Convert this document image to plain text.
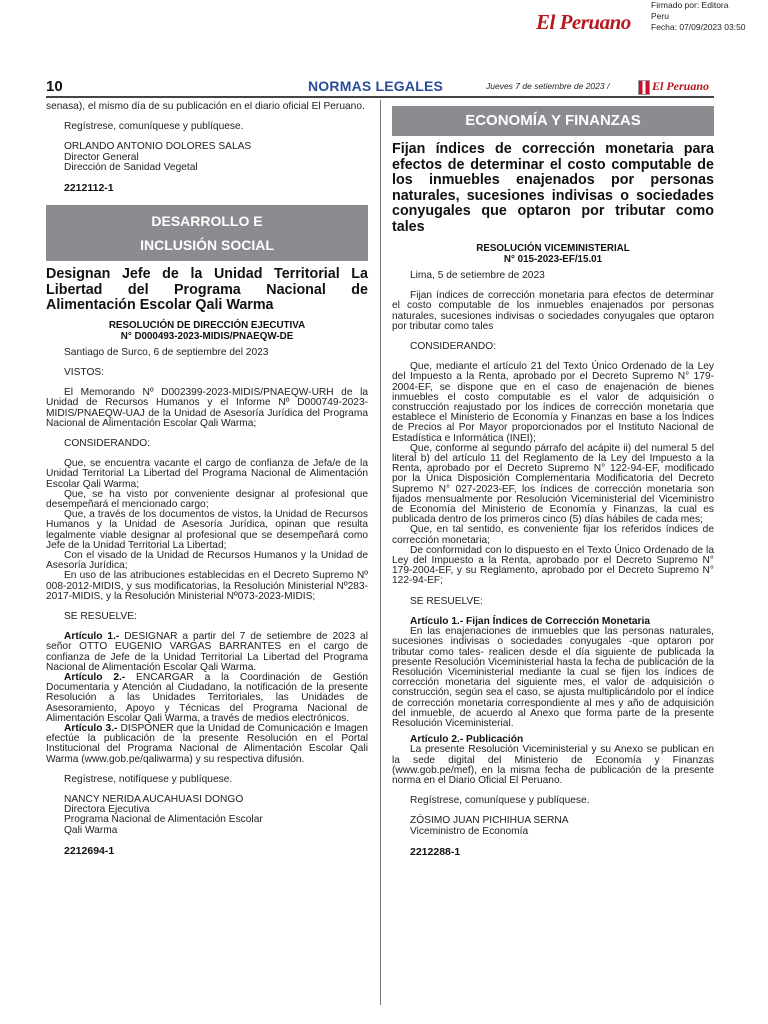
Firmado por: Editora
Peru
Fecha: 07/09/2023 03:50
El Peruano
10	NORMAS LEGALES	Jueves 7 de setiembre de 2023 /	El Peruano

senasa), el mismo día de su publicación en el diario oficial El Peruano.

Regístrese, comuníquese y publíquese.

ORLANDO ANTONIO DOLORES SALAS

Director General

Dirección de Sanidad Vegetal

2212112-1

DESARROLLO E
INCLUSIÓN SOCIAL

Designan Jefe de la Unidad Territorial La Libertad del Programa Nacional de Alimentación Escolar Qali Warma

RESOLUCIÓN DE DIRECCIÓN EJECUTIVA
N° D000493-2023-MIDIS/PNAEQW-DE

Santiago de Surco, 6 de septiembre del 2023

VISTOS:

El Memorando Nº D002399-2023-MIDIS/PNAEQW-URH de la Unidad de Recursos Humanos y el Informe Nº D000749-2023-MIDIS/PNAEQW-UAJ de la Unidad de Asesoría Jurídica del Programa Nacional de Alimentación Escolar Qali Warma;

CONSIDERANDO:

Que, se encuentra vacante el cargo de confianza de Jefa/e de la Unidad Territorial La Libertad del Programa Nacional de Alimentación Escolar Qali Warma;

Que, se ha visto por conveniente designar al profesional que desempeñará el mencionado cargo;

Que, a través de los documentos de vistos, la Unidad de Recursos Humanos y la Unidad de Asesoría Jurídica, opinan que resulta legalmente viable designar al profesional que se desempeñará como Jefe de la Unidad Territorial La Libertad;

Con el visado de la Unidad de Recursos Humanos y la Unidad de Asesoría Jurídica;

En uso de las atribuciones establecidas en el Decreto Supremo Nº 008-2012-MIDIS, y sus modificatorias, la Resolución Ministerial Nº283-2017-MIDIS, y la Resolución Ministerial Nº073-2023-MIDIS;

SE RESUELVE:

Artículo 1.- DESIGNAR a partir del 7 de setiembre de 2023 al señor OTTO EUGENIO VARGAS BARRANTES en el cargo de confianza de Jefe de la Unidad Territorial La Libertad del Programa Nacional de Alimentación Escolar Qali Warma.

Artículo 2.- ENCARGAR a la Coordinación de Gestión Documentaria y Atención al Ciudadano, la notificación de la presente Resolución a las Unidades Territoriales, las Unidades de Asesoramiento, Apoyo y Técnicas del Programa Nacional de Alimentación Escolar Qali Warma, a través de medios electrónicos.

Artículo 3.- DISPONER que la Unidad de Comunicación e Imagen efectúe la publicación de la presente Resolución en el Portal Institucional del Programa Nacional de Alimentación Escolar Qali Warma (www.gob.pe/qaliwarma) y su respectiva difusión.

Regístrese, notifíquese y publíquese.

NANCY NERIDA AUCAHUASI DONGO

Directora Ejecutiva

Programa Nacional de Alimentación Escolar

Qali Warma

2212694-1

ECONOMÍA Y FINANZAS

Fijan índices de corrección monetaria para efectos de determinar el costo computable de los inmuebles enajenados por personas naturales, sucesiones indivisas o sociedades conyugales que optaron por tributar como tales

RESOLUCIÓN VICEMINISTERIAL
N° 015-2023-EF/15.01

Lima, 5 de setiembre de 2023

Fijan índices de corrección monetaria para efectos de determinar el costo computable de los inmuebles enajenados por personas naturales, sucesiones indivisas o sociedades conyugales que optaron por tributar como tales

CONSIDERANDO:

Que, mediante el artículo 21 del Texto Único Ordenado de la Ley del Impuesto a la Renta, aprobado por el Decreto Supremo N° 179-2004-EF, se dispone que en el caso de enajenación de bienes inmuebles el costo computable es el valor de adquisición o construcción reajustado por los índices de corrección monetaria que establece el Ministerio de Economía y Finanzas en base a los Índices de Precios al Por Mayor proporcionados por el Instituto Nacional de Estadística e Informática (INEI);

Que, conforme al segundo párrafo del acápite ii) del numeral 5 del literal b) del artículo 11 del Reglamento de la Ley del Impuesto a la Renta, aprobado por el Decreto Supremo N° 122-94-EF, modificado por la Única Disposición Complementaria Modificatoria del Decreto Supremo N° 027-2023-EF, los índices de corrección monetaria son fijados mensualmente por Resolución Viceministerial del Viceministro de Economía del Ministerio de Economía y Finanzas, la cual es publicada dentro de los primeros cinco (5) días hábiles de cada mes;

Que, en tal sentido, es conveniente fijar los referidos índices de corrección monetaria;

De conformidad con lo dispuesto en el Texto Único Ordenado de la Ley del Impuesto a la Renta, aprobado por el Decreto Supremo N° 179-2004-EF, y su Reglamento, aprobado por el Decreto Supremo N° 122-94-EF;

SE RESUELVE:

Artículo 1.- Fijan Índices de Corrección Monetaria

En las enajenaciones de inmuebles que las personas naturales, sucesiones indivisas o sociedades conyugales -que optaron por tributar como tales- realicen desde el día siguiente de publicada la presente Resolución Viceministerial hasta la fecha de publicación de la Resolución Viceministerial mediante la cual se fijen los índices de corrección monetaria del siguiente mes, el valor de adquisición o construcción, según sea el caso, se ajusta multiplicándolo por el índice de corrección monetaria correspondiente al mes y año de adquisición del inmueble, de acuerdo al Anexo que forma parte de la presente Resolución Viceministerial.

Artículo 2.- Publicación

La presente Resolución Viceministerial y su Anexo se publican en la sede digital del Ministerio de Economía y Finanzas (www.gob.pe/mef), en la misma fecha de publicación de la presente norma en el Diario Oficial El Peruano.

Regístrese, comuníquese y publíquese.

ZÓSIMO JUAN PICHIHUA SERNA

Viceministro de Economía

2212288-1
